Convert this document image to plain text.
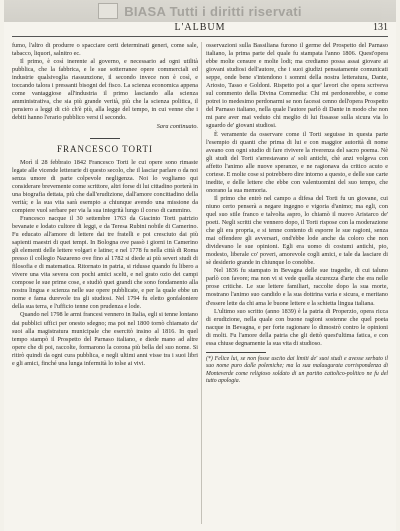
BIASA Tutti i diritti riservati
L'ALBUM	131

fumo, l'altro di produrre o spacciare certi determinati generi, come sale, tabacco, liquori, salnitro ec.

Il primo, è così inerente al governo, e necessario ad ogni utilità pubblica, che la fabbrica, e le sue sotterranee opere commerciali ed industrie qualsivoglia riassunzione, il secondo invece non è così, e toccando talora i pressanti bisogni del fisco. La scienza economica appena come vantaggiose all'industria il primo lasciando alla scienza amministrativa, che sia più grande verità, più che la scienza politica, il pensiero a leggi di ciò ch'è più, alla legge del tempo, in cui venne che i debiti hanno l'erario pubblico versi il secondo.

Sara continuato.
FRANCESCO TORTI

Morì il 28 febbraio 1842 Francesco Torti le cui opere sono rimaste legate alle vicende letterarie di questo secolo, che il lasciar parlare o da noi senza umore di parte colpevole negligenza. Noi lo vogliamo qui considerare brevemente come scrittore, altri forse di lui cittadino porterà in una biografia dettata, più che dall'erudizione, dall'amore concittadino della verità; e la sua vita sarà esempio a chiunque avendo una missione da compiere vuol serbare per via la sua integrità lungo il corso di cammino.

Francesco nacque il 30 settembre 1763 da Giacinto Torti patrizio bevanate e lodato cultore di leggi, e da Teresa Rubini nobile di Camerino. Fu educato all'amore di lettere dai tre fratelli e poi cresciuto dai più sapienti maestri di quei tempi. In Bologna ove passò i giorni in Camerino gli elementi delle lettere volgari e latine; e nel 1778 fu nella città di Roma presso il collegio Nazareno ove fino al 1782 si diede ai più severi studi di filosofia e di matematica. Ritornato in patria, si ridusse quando fu libero a vivere una vita severa con pochi amici scelti, e nel grato ozio dei campi compose le sue prime cose, e studiò quei grandi che sono fondamento alla nostra lingua e scienza nelle sue opere pubblicate, e per la quale ebbe un nome e fama durevole tra gli studiosi. Nel 1794 fu eletto gonfaloniere della sua terra, e l'ufficio tenne con prudenza e lode.

Quando nel 1798 le armi francesi vennero in Italia, egli si tenne lontano dai pubblici uffici per onesto sdegno; ma poi nel 1800 tornò chiamato da' suoi alla magistratura municipale che esercitò insino al 1816. In quel tempo stampò il Prospetto del Parnaso italiano, e diede mano ad altre opere che di poi, raccolte, formarono la corona più bella del suo nome. Si ritirò quindi da ogni cura pubblica, e negli ultimi anni visse tra i suoi libri e gli amici, finché una lunga infermità lo tolse ai vivi.

osservazioni sulla Bassiliana furono il germe del Prospetto del Parnaso italiano, la prima parte del quale fu stampata l'anno 1806. Quest'opera ebbe molte censure e molte lodi; ma crediamo possa assai giovare ai giovani studiosi dell'autore, che i suoi giudizi pensatamente comunicati seppe, onde bene s'intendono i sommi della nostra letteratura, Dante, Ariosto, Tasso e Goldoni. Rispetto poi a que' lavori che opera scriveva sul commento della Divina Commedia: Chi mi perdonerebbe, e come potrei io medesimo perdonarmi se non facessi cenno dell'opera Prospetto del Parnaso italiano, nella quale l'autore parlò di Dante in modo che non mi pare aver mai veduto chi meglio di lui fissasse sulla sicura via lo sguardo de' giovani studiosi.

È veramente da osservare come il Torti seguisse in questa parte l'esempio di quanti che prima di lui e con maggior autorità di nome aveano con ogni studio di fare rivivere la riverenza del sacro poema. Nè gli studi del Torti s'arrestavano a' soli antichi, chè anzi volgeva con affetto l'animo alle nuove speranze, e ne ragionava da critico acuto e cortese. E molte cose si potrebbero dire intorno a questo, e delle sue carte inedite, e delle lettere che ebbe con valentuomini del suo tempo, che onorano la sua memoria.

Il primo che entrò nel campo a difesa del Torti fu un giovane, cui niuno certo penserà a negare ingegno e vigoria d'animo; ma egli, con quel suo stile franco e talvolta aspro, lo chiamò il nuovo Aristarco de' poeti. Negli scritti che vennero dopo, il Torti rispose con la moderazione che gli era propria, e si tenne contento di esporre le sue ragioni, senza mai offendere gli avversari, ond'ebbe lode anche da coloro che non dividevano le sue opinioni. Egli era uomo di costumi antichi, pio, modesto, liberale co' poveri, amorevole cogli amici, e tale da lasciare di sè desiderio grande in chiunque lo conobbe.

Nel 1836 fu stampato in Bevagna delle sue tragedie, di cui taluno parlò con favore; ma non vi si vede quella sicurezza d'arte che era nelle prose critiche. Le sue lettere familiari, raccolte dopo la sua morte, mostrano l'animo suo candido e la sua dottrina varia e sicura, e meritano d'essere lette da chi ama le buone lettere e la schietta lingua italiana.

L'ultimo suo scritto (anno 1839) è la patria di Properzio, opera ricca di erudizione, nella quale con buone ragioni sostenne che quel poeta nacque in Bevagna, e per forte ragionare lo dimostrò contro le opinioni di molti. Fu l'amore della patria che gli dettò quest'ultima fatica, e con essa chiuse degnamente la sua vita di studioso.

(*) Felice lui, se non fosse uscito dai limiti de' suoi studi e avesse serbato il suo nome puro dalle polemiche; ma la sua malaugurata corrispondenza di Monteverde come religioso soldato di un partito cattolico-politico ne fu del tutto apologia.
